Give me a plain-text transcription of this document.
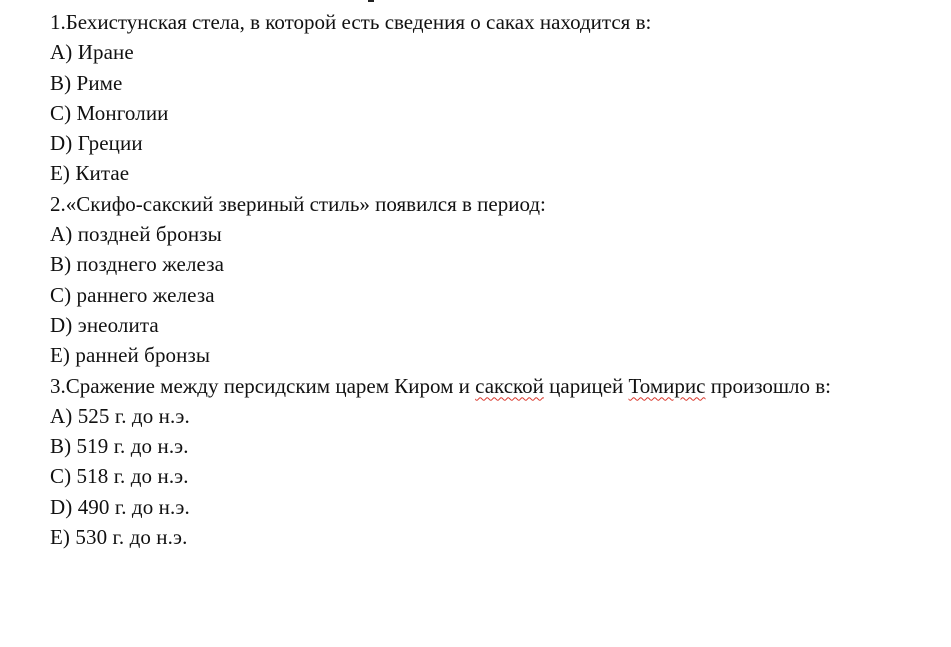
1.Бехистунская стела, в которой есть сведения о саках находится в:
A) Иране
B) Риме
C) Монголии
D) Греции
E) Китае
2.«Скифо-сакский звериный стиль» появился в период:
A) поздней бронзы
B) позднего железа
C) раннего железа
D) энеолита
E) ранней бронзы
3.Сражение между персидским царем Киром и сакской царицей Томирис произошло в:
A) 525 г. до н.э.
B) 519 г. до н.э.
C) 518 г. до н.э.
D) 490 г. до н.э.
E) 530 г. до н.э.
